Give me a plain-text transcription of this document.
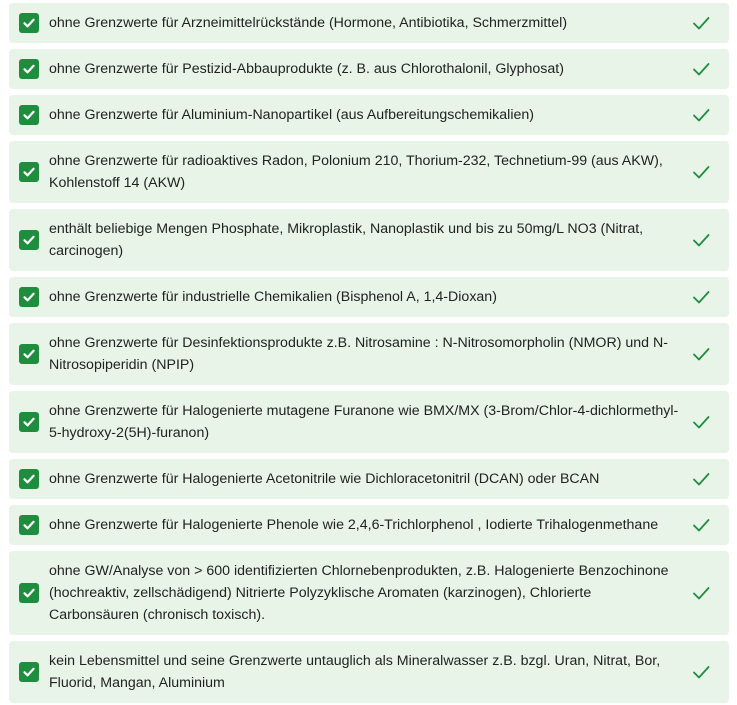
ohne Grenzwerte für Arzneimittelrückstände (Hormone, Antibiotika, Schmerzmittel)
ohne Grenzwerte für Pestizid-Abbauprodukte (z. B. aus Chlorothalonil, Glyphosat)
ohne Grenzwerte für Aluminium-Nanopartikel (aus Aufbereitungschemikalien)
ohne Grenzwerte für radioaktives Radon, Polonium 210, Thorium-232, Technetium-99 (aus AKW), Kohlenstoff 14 (AKW)
enthält beliebige Mengen Phosphate, Mikroplastik, Nanoplastik und bis zu 50mg/L NO3 (Nitrat, carcinogen)
ohne Grenzwerte für industrielle Chemikalien (Bisphenol A, 1,4-Dioxan)
ohne Grenzwerte für Desinfektionsprodukte z.B. Nitrosamine : N-Nitrosomorpholin (NMOR) und N-Nitrosopiperidin (NPIP)
ohne Grenzwerte für Halogenierte mutagene Furanone wie BMX/MX (3-Brom/Chlor-4-dichlormethyl-5-hydroxy-2(5H)-furanon)
ohne Grenzwerte für Halogenierte Acetonitrile wie Dichloracetonitril (DCAN) oder BCAN
ohne Grenzwerte für Halogenierte Phenole wie 2,4,6-Trichlorphenol , Iodierte Trihalogenmethane
ohne GW/Analyse von > 600 identifizierten Chlornebenprodukten, z.B. Halogenierte Benzochinone (hochreaktiv, zellschädigend) Nitrierte Polyzyklische Aromaten (karzinogen), Chlorierte Carbonsäuren (chronisch toxisch).
kein Lebensmittel und seine Grenzwerte untauglich als Mineralwasser z.B. bzgl. Uran, Nitrat, Bor, Fluorid, Mangan, Aluminium
